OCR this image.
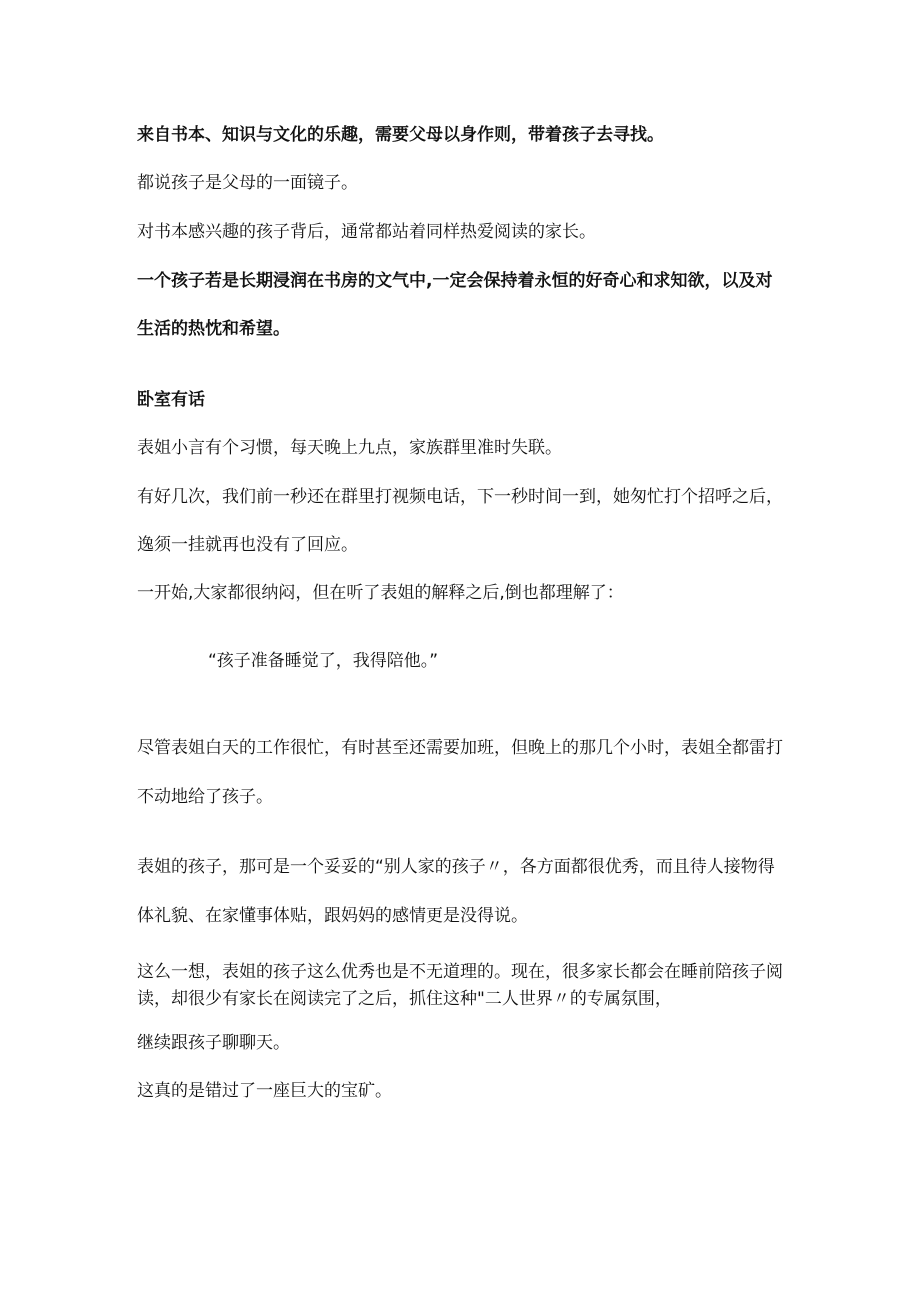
来自书本、知识与文化的乐趣，需要父母以身作则，带着孩子去寻找。
都说孩子是父母的一面镜子。
对书本感兴趣的孩子背后，通常都站着同样热爱阅读的家长。
一个孩子若是长期浸润在书房的文气中,一定会保持着永恒的好奇心和求知欲，以及对
生活的热忱和希望。
卧室有话
表姐小言有个习惯，每天晚上九点，家族群里准时失联。
有好几次，我们前一秒还在群里打视频电话，下一秒时间一到，她匆忙打个招呼之后，
逸须一挂就再也没有了回应。
一开始,大家都很纳闷，但在听了表姐的解释之后,倒也都理解了：
“孩子准备睡觉了，我得陪他。”
尽管表姐白天的工作很忙，有时甚至还需要加班，但晚上的那几个小时，表姐全都雷打
不动地给了孩子。
表姐的孩子，那可是一个妥妥的“别人家的孩子〃，各方面都很优秀，而且待人接物得
体礼貌、在家懂事体贴，跟妈妈的感情更是没得说。
这么一想，表姐的孩子这么优秀也是不无道理的。现在，很多家长都会在睡前陪孩子阅
读，却很少有家长在阅读完了之后，抓住这种"二人世界〃的专属氛围，
继续跟孩子聊聊天。
这真的是错过了一座巨大的宝矿。
